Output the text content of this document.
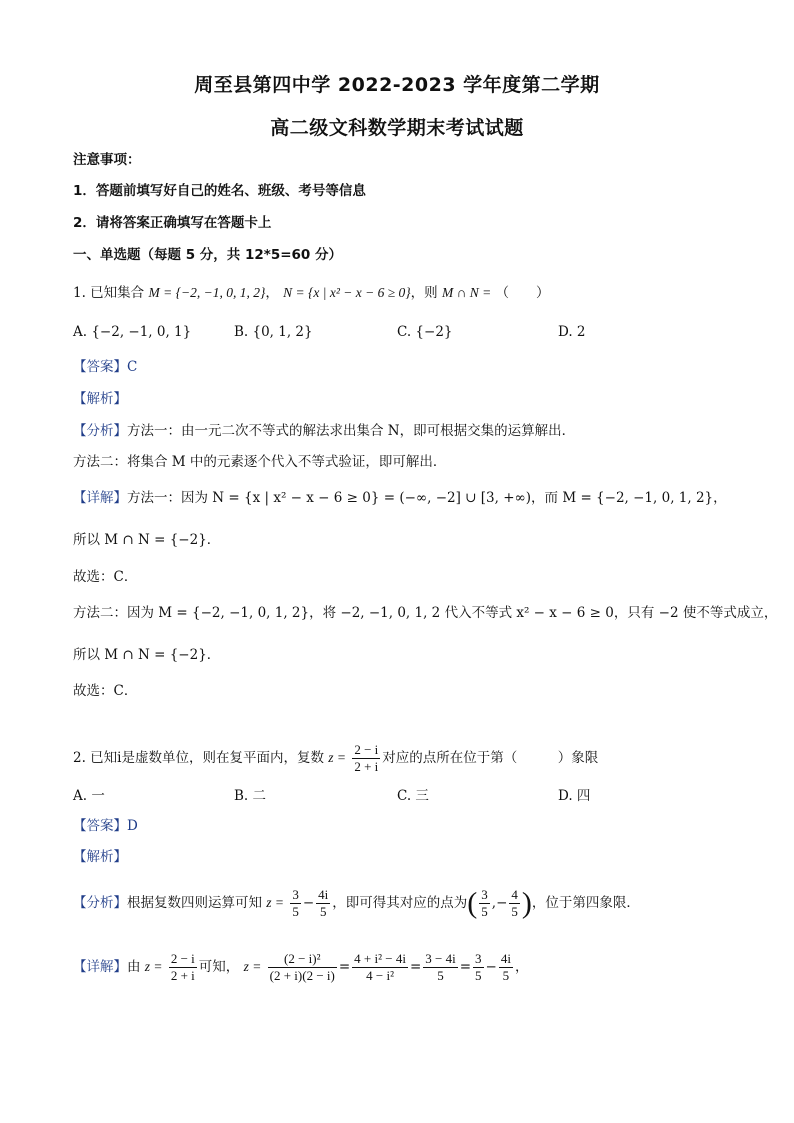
周至县第四中学 2022-2023 学年度第二学期
高二级文科数学期末考试试题
注意事项：
1．答题前填写好自己的姓名、班级、考号等信息
2．请将答案正确填写在答题卡上
一、单选题（每题 5 分，共 12*5=60 分）
1. 已知集合 M = {−2, −1, 0, 1, 2}， N = {x | x² − x − 6 ≥ 0}，则 M ∩ N = （　　）
A. {−2, −1, 0, 1}	B. {0, 1, 2}	C. {−2}	D. 2
【答案】C
【解析】
【分析】方法一：由一元二次不等式的解法求出集合 N，即可根据交集的运算解出．
方法二：将集合 M 中的元素逐个代入不等式验证，即可解出．
【详解】方法一：因为 N = {x | x² − x − 6 ≥ 0} = (−∞, −2] ∪ [3, +∞)，而 M = {−2, −1, 0, 1, 2}，
所以 M ∩ N = {−2}．
故选：C．
方法二：因为 M = {−2, −1, 0, 1, 2}，将 −2, −1, 0, 1, 2 代入不等式 x² − x − 6 ≥ 0，只有 −2 使不等式成立，
所以 M ∩ N = {−2}．
故选：C．
2. 已知i是虚数单位，则在复平面内，复数 $z = \frac{2 - i}{2 + i}$ 对应的点所在位于第（　　　）象限
A. 一	B. 二	C. 三	D. 四
【答案】D
【解析】
【分析】根据复数四则运算可知 $z = \frac{3}{5} - \frac{4i}{5}$ ，即可得其对应的点为( $\frac{3}{5}$ ,− $\frac{4}{5}$ )，位于第四象限．
【详解】由 $z = \frac{2 - i}{2 + i}$ 可知， $z = \frac{\text{(2 − i)²}}{(2 + i)(2 - i)} = \frac{\text{4 + i² − 4i}}{\text{4 − i²}} = \frac{3 - 4i}{5} = \frac{3}{5} - \frac{4i}{5}$ ，
